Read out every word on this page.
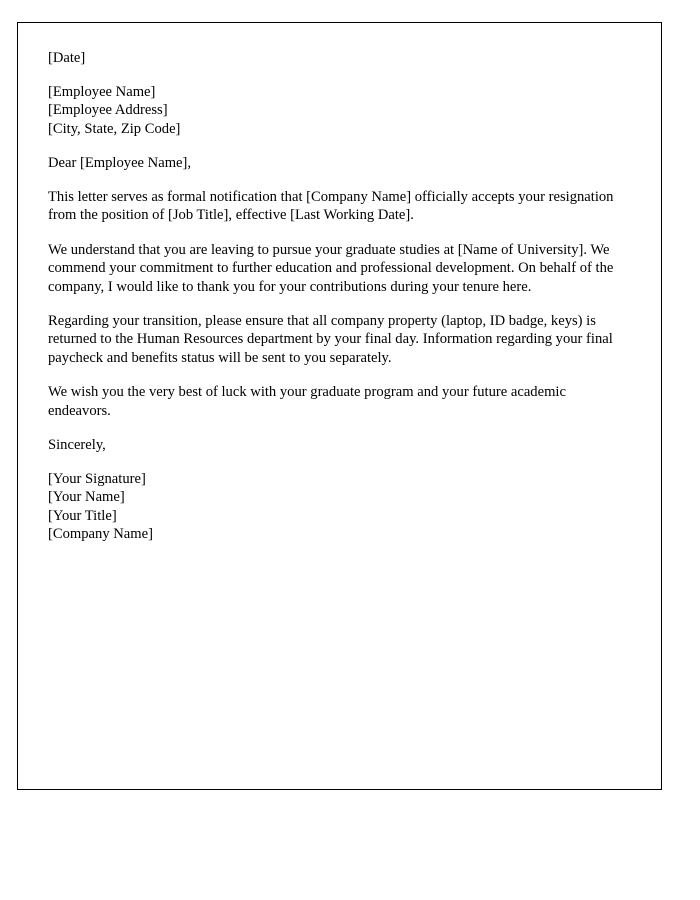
[Date]
[Employee Name]
[Employee Address]
[City, State, Zip Code]
Dear [Employee Name],

This letter serves as formal notification that [Company Name] officially accepts your resignation from the position of [Job Title], effective [Last Working Date].

We understand that you are leaving to pursue your graduate studies at [Name of University]. We commend your commitment to further education and professional development. On behalf of the company, I would like to thank you for your contributions during your tenure here.

Regarding your transition, please ensure that all company property (laptop, ID badge, keys) is returned to the Human Resources department by your final day. Information regarding your final paycheck and benefits status will be sent to you separately.

We wish you the very best of luck with your graduate program and your future academic endeavors.

Sincerely,
[Your Signature]
[Your Name]
[Your Title]
[Company Name]
